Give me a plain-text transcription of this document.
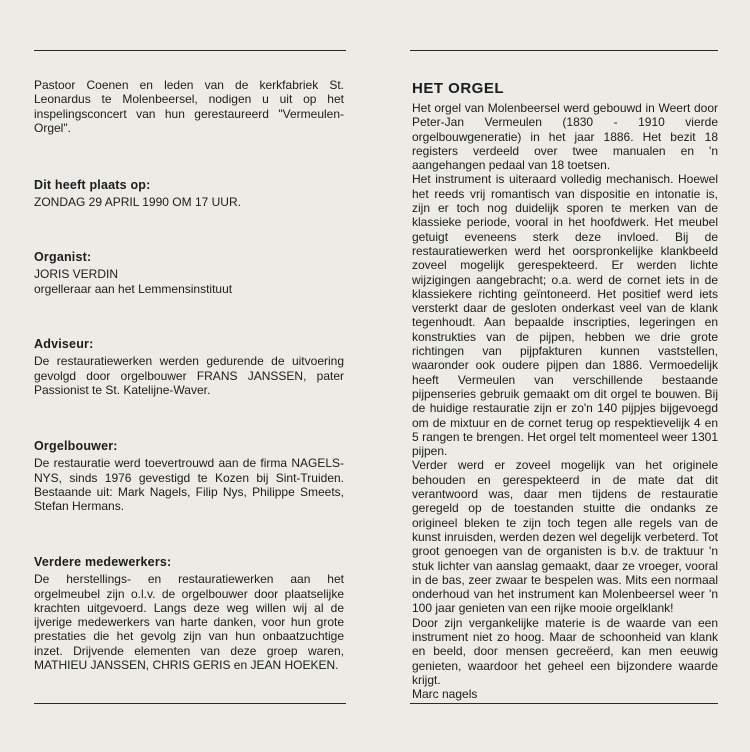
Pastoor Coenen en leden van de kerkfabriek St. Leonardus te Molenbeersel, nodigen u uit op het inspelingsconcert van hun gerestaureerd "Vermeulen-Orgel".

Dit heeft plaats op:

ZONDAG 29 APRIL 1990 OM 17 UUR.

Organist:
JORIS VERDIN
orgelleraar aan het Lemmensinstituut
Adviseur:

De restauratiewerken werden gedurende de uitvoering gevolgd door orgelbouwer FRANS JANSSEN, pater Passionist te St. Katelijne-Waver.

Orgelbouwer:

De restauratie werd toevertrouwd aan de firma NAGELS-NYS, sinds 1976 gevestigd te Kozen bij Sint-Truiden. Bestaande uit: Mark Nagels, Filip Nys, Philippe Smeets, Stefan Hermans.

Verdere medewerkers:

De herstellings- en restauratiewerken aan het orgelmeubel zijn o.l.v. de orgelbouwer door plaatselijke krachten uitgevoerd. Langs deze weg willen wij al de ijverige medewerkers van harte danken, voor hun grote prestaties die het gevolg zijn van hun onbaatzuchtige inzet. Drijvende elementen van deze groep waren, MATHIEU JANSSEN, CHRIS GERIS en JEAN HOEKEN.

HET ORGEL

Het orgel van Molenbeersel werd gebouwd in Weert door Peter-Jan Vermeulen (1830 - 1910 vierde orgelbouwgeneratie) in het jaar 1886. Het bezit 18 registers verdeeld over twee manualen en 'n aangehangen pedaal van 18 toetsen.

Het instrument is uiteraard volledig mechanisch. Hoewel het reeds vrij romantisch van dispositie en intonatie is, zijn er toch nog duidelijk sporen te merken van de klassieke periode, vooral in het hoofdwerk. Het meubel getuigt eveneens sterk deze invloed. Bij de restauratiewerken werd het oorspronkelijke klankbeeld zoveel mogelijk gerespekteerd. Er werden lichte wijzigingen aangebracht; o.a. werd de cornet iets in de klassiekere richting geïntoneerd. Het positief werd iets versterkt daar de gesloten onderkast veel van de klank tegenhoudt. Aan bepaalde inscripties, legeringen en konstrukties van de pijpen, hebben we drie grote richtingen van pijpfakturen kunnen vaststellen, waaronder ook oudere pijpen dan 1886. Vermoedelijk heeft Vermeulen van verschillende bestaande pijpenseries gebruik gemaakt om dit orgel te bouwen. Bij de huidige restauratie zijn er zo'n 140 pijpjes bijgevoegd om de mixtuur en de cornet terug op respektievelijk 4 en 5 rangen te brengen. Het orgel telt momenteel weer 1301 pijpen.

Verder werd er zoveel mogelijk van het originele behouden en gerespekteerd in de mate dat dit verantwoord was, daar men tijdens de restauratie geregeld op de toestanden stuitte die ondanks ze origineel bleken te zijn toch tegen alle regels van de kunst inruisden, werden dezen wel degelijk verbeterd. Tot groot genoegen van de organisten is b.v. de traktuur 'n stuk lichter van aanslag gemaakt, daar ze vroeger, vooral in de bas, zeer zwaar te bespelen was. Mits een normaal onderhoud van het instrument kan Molenbeersel weer 'n 100 jaar genieten van een rijke mooie orgelklank!

Door zijn vergankelijke materie is de waarde van een instrument niet zo hoog. Maar de schoonheid van klank en beeld, door mensen gecreëerd, kan men eeuwig genieten, waardoor het geheel een bijzondere waarde krijgt.

Marc nagels
